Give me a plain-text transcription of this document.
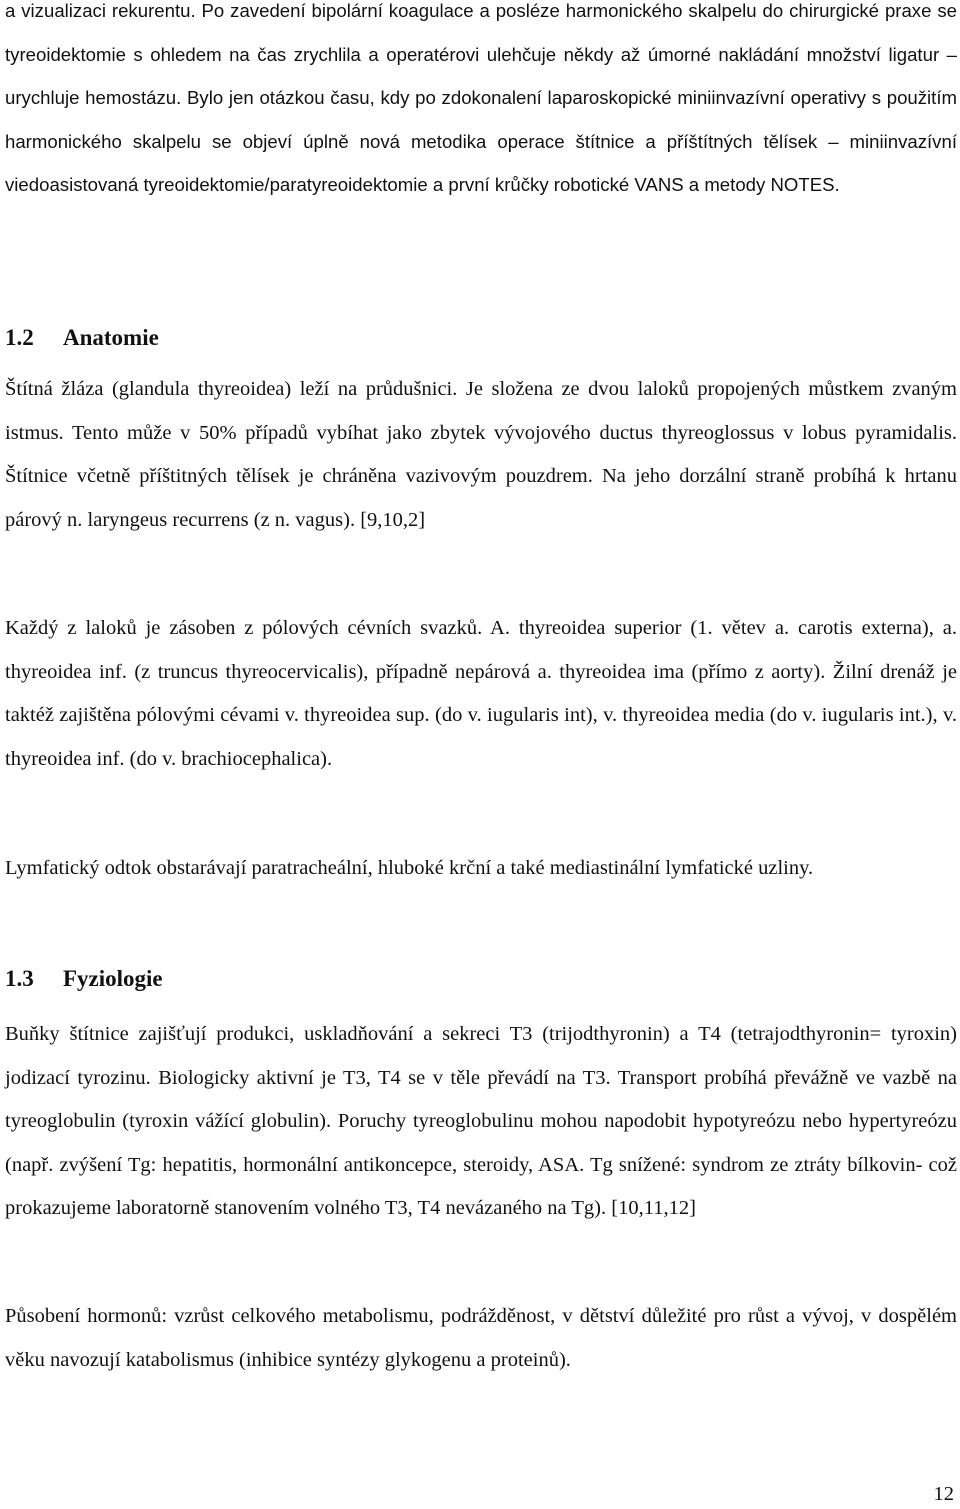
a vizualizaci rekurentu. Po zavedení bipolární koagulace a posléze harmonického skalpelu do chirurgické praxe se tyreoidektomie s ohledem na čas zrychlila a operatérovi ulehčuje někdy až úmorné nakládání množství ligatur – urychluje hemostázu. Bylo jen otázkou času, kdy po zdokonalení laparoskopické miniinvazívní operativy s použitím harmonického skalpelu se objeví úplně nová metodika operace štítnice a příštítných tělísek – miniinvazívní viedoasistovaná tyreoidektomie/paratyreoidektomie a první krůčky robotické VANS a metody NOTES.

1.2 Anatomie

Štítná žláza (glandula thyreoidea) leží na průdušnici. Je složena ze dvou laloků propojených můstkem zvaným istmus. Tento může v 50% případů vybíhat jako zbytek vývojového ductus thyreoglossus v lobus pyramidalis. Štítnice včetně příštitných tělísek je chráněna vazivovým pouzdrem. Na jeho dorzální straně probíhá k hrtanu párový n. laryngeus recurrens (z n. vagus). [9,10,2]

Každý z laloků je zásoben z pólových cévních svazků. A. thyreoidea superior (1. větev a. carotis externa), a. thyreoidea inf. (z truncus thyreocervicalis), případně nepárová a. thyreoidea ima (přímo z aorty). Žilní drenáž je taktéž zajištěna pólovými cévami v. thyreoidea sup. (do v. iugularis int), v. thyreoidea media (do v. iugularis int.), v. thyreoidea inf. (do v. brachiocephalica).

Lymfatický odtok obstarávají paratracheální, hluboké krční a také mediastinální lymfatické uzliny.

1.3 Fyziologie

Buňky štítnice zajišťují produkci, uskladňování a sekreci T3 (trijodthyronin) a T4 (tetrajodthyronin= tyroxin) jodizací tyrozinu. Biologicky aktivní je T3, T4 se v těle převádí na T3. Transport probíhá převážně ve vazbě na tyreoglobulin (tyroxin vážící globulin). Poruchy tyreoglobulinu mohou napodobit hypotyreózu nebo hypertyreózu (např. zvýšení Tg: hepatitis, hormonální antikoncepce, steroidy, ASA. Tg snížené: syndrom ze ztráty bílkovin- což prokazujeme laboratorně stanovením volného T3, T4 nevázaného na Tg). [10,11,12]

Působení hormonů: vzrůst celkového metabolismu, podrážděnost, v dětství důležité pro růst a vývoj, v dospělém věku navozují katabolismus (inhibice syntézy glykogenu a proteinů).

12
